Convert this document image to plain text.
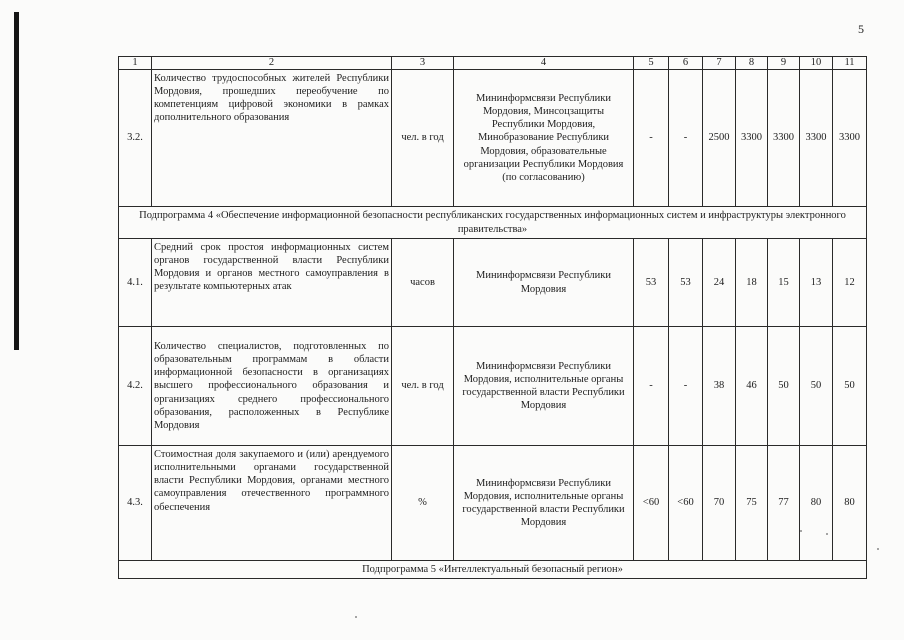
5
1	2	3	4	5	6	7	8	9	10	11
3.2.	Количество трудоспособных жителей Республики Мордовия, прошедших переобучение по компетенциям цифровой экономики в рамках дополнительного образования	чел. в год	Мининформсвязи Республики Мордовия, Минсоцзащиты Республики Мордовия, Минобразование Республики Мордовия, образовательные организации Республики Мордовия (по согласованию)	-	-	2500	3300	3300	3300	3300
Подпрограмма 4 «Обеспечение информационной безопасности республиканских государственных информационных систем и инфраструктуры электронного правительства»										
4.1.	Средний срок простоя информационных систем органов государственной власти Республики Мордовия и органов местного самоуправления в результате компьютерных атак	часов	Мининформсвязи Республики Мордовия	53	53	24	18	15	13	12
4.2.	Количество специалистов, подготовленных по образовательным программам в области информационной безопасности в организациях высшего профессионального образования и организациях среднего профессионального образования, расположенных в Республике Мордовия	чел. в год	Мининформсвязи Республики Мордовия, исполнительные органы государственной власти Республики Мордовия	-	-	38	46	50	50	50
4.3.	Стоимостная доля закупаемого и (или) арендуемого исполнительными органами государственной власти Республики Мордовия, органами местного самоуправления отечественного программного обеспечения	%	Мининформсвязи Республики Мордовия, исполнительные органы государственной власти Республики Мордовия	<60	<60	70	75	77	80	80
Подпрограмма 5 «Интеллектуальный безопасный регион»										
